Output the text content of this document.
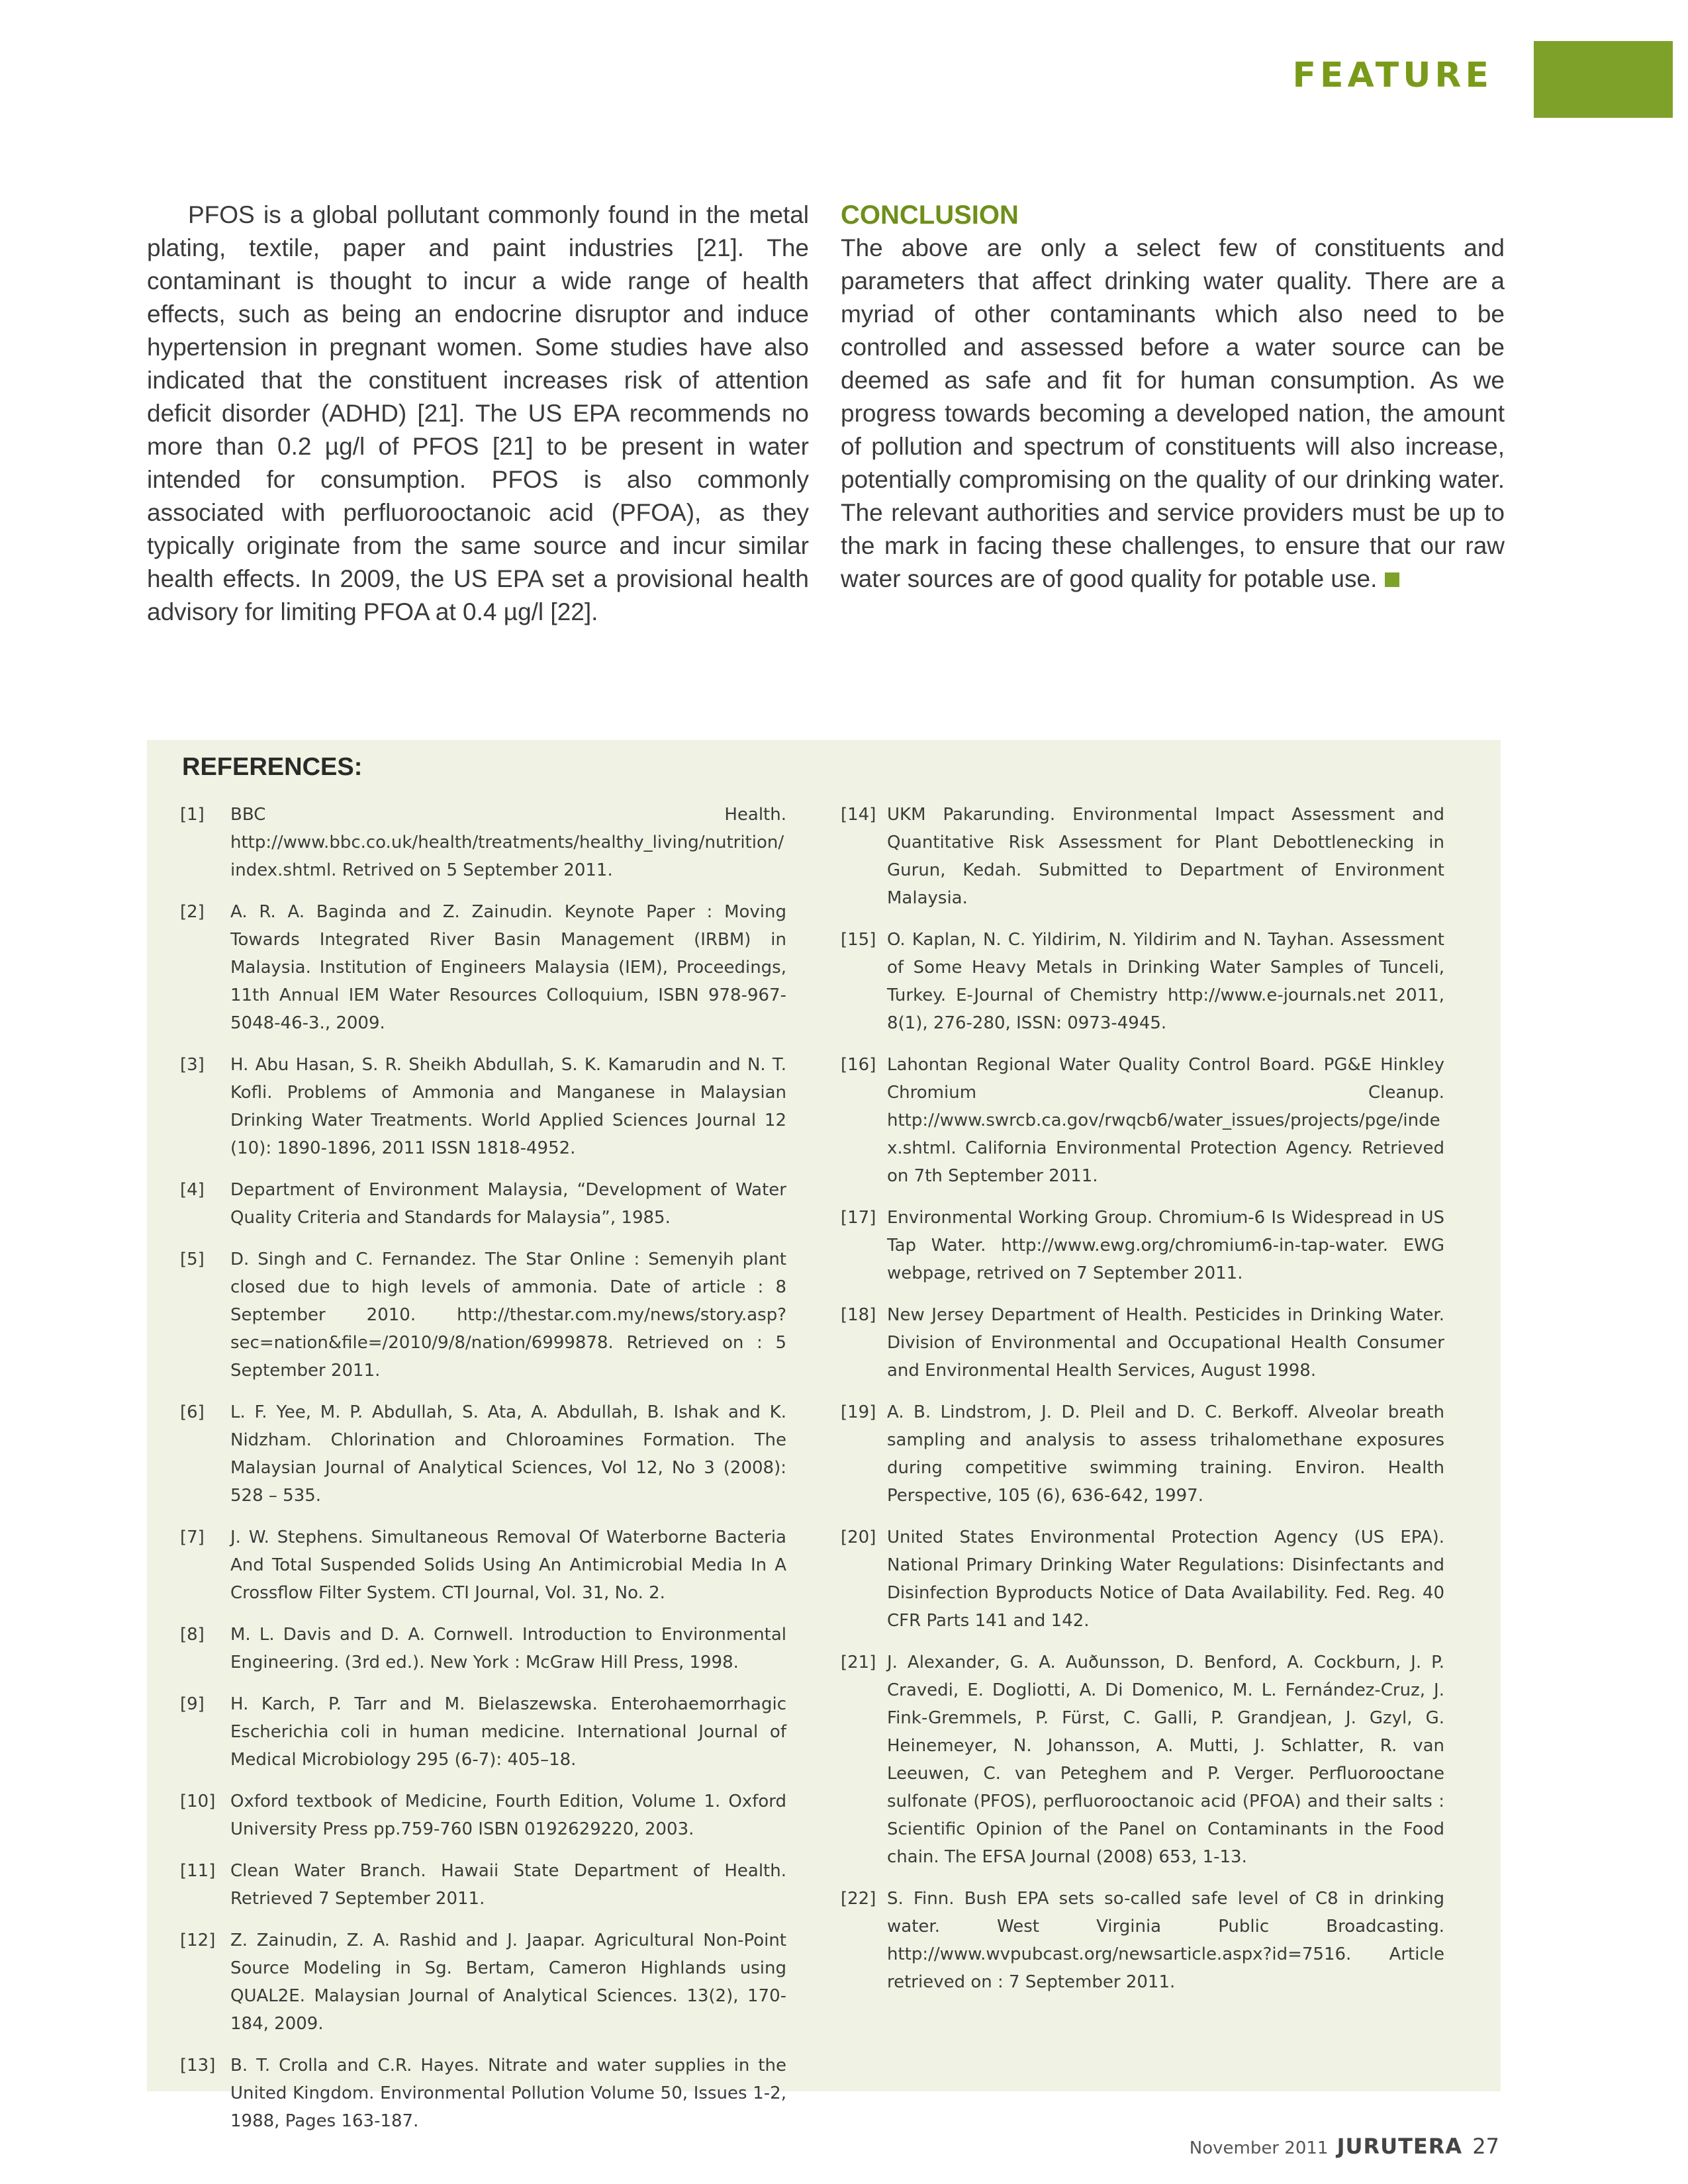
FEATURE

PFOS is a global pollutant commonly found in the metal plating, textile, paper and paint industries [21]. The contaminant is thought to incur a wide range of health effects, such as being an endocrine disruptor and induce hypertension in pregnant women. Some studies have also indicated that the constituent increases risk of attention deficit disorder (ADHD) [21]. The US EPA recommends no more than 0.2 µg/l of PFOS [21] to be present in water intended for consumption. PFOS is also commonly associated with perfluorooctanoic acid (PFOA), as they typically originate from the same source and incur similar health effects. In 2009, the US EPA set a provisional health advisory for limiting PFOA at 0.4 µg/l [22].

CONCLUSION

The above are only a select few of constituents and parameters that affect drinking water quality. There are a myriad of other contaminants which also need to be controlled and assessed before a water source can be deemed as safe and fit for human consumption. As we progress towards becoming a developed nation, the amount of pollution and spectrum of constituents will also increase, potentially compromising on the quality of our drinking water. The relevant authorities and service providers must be up to the mark in facing these challenges, to ensure that our raw water sources are of good quality for potable use.

REFERENCES:
[1] BBC Health. http://www.bbc.co.uk/health/treatments/healthy_living/nutrition/index.shtml. Retrived on 5 September 2011.
[2] A. R. A. Baginda and Z. Zainudin. Keynote Paper : Moving Towards Integrated River Basin Management (IRBM) in Malaysia. Institution of Engineers Malaysia (IEM), Proceedings, 11th Annual IEM Water Resources Colloquium, ISBN 978-967-5048-46-3., 2009.
[3] H. Abu Hasan, S. R. Sheikh Abdullah, S. K. Kamarudin and N. T. Kofli. Problems of Ammonia and Manganese in Malaysian Drinking Water Treatments. World Applied Sciences Journal 12 (10): 1890-1896, 2011 ISSN 1818-4952.
[4] Department of Environment Malaysia, “Development of Water Quality Criteria and Standards for Malaysia”, 1985.
[5] D. Singh and C. Fernandez. The Star Online : Semenyih plant closed due to high levels of ammonia. Date of article : 8 September 2010. http://thestar.com.my/news/story.asp?sec=nation&file=/2010/9/8/nation/6999878. Retrieved on : 5 September 2011.
[6] L. F. Yee, M. P. Abdullah, S. Ata, A. Abdullah, B. Ishak and K. Nidzham. Chlorination and Chloroamines Formation. The Malaysian Journal of Analytical Sciences, Vol 12, No 3 (2008): 528 – 535.
[7] J. W. Stephens. Simultaneous Removal Of Waterborne Bacteria And Total Suspended Solids Using An Antimicrobial Media In A Crossflow Filter System. CTI Journal, Vol. 31, No. 2.
[8] M. L. Davis and D. A. Cornwell. Introduction to Environmental Engineering. (3rd ed.). New York : McGraw Hill Press, 1998.
[9] H. Karch, P. Tarr and M. Bielaszewska. Enterohaemorrhagic Escherichia coli in human medicine. International Journal of Medical Microbiology 295 (6-7): 405–18.
[10] Oxford textbook of Medicine, Fourth Edition, Volume 1. Oxford University Press pp.759-760 ISBN 0192629220, 2003.
[11] Clean Water Branch. Hawaii State Department of Health. Retrieved 7 September 2011.
[12] Z. Zainudin, Z. A. Rashid and J. Jaapar. Agricultural Non-Point Source Modeling in Sg. Bertam, Cameron Highlands using QUAL2E. Malaysian Journal of Analytical Sciences. 13(2), 170-184, 2009.
[13] B. T. Crolla and C.R. Hayes. Nitrate and water supplies in the United Kingdom. Environmental Pollution Volume 50, Issues 1-2, 1988, Pages 163-187.
[14] UKM Pakarunding. Environmental Impact Assessment and Quantitative Risk Assessment for Plant Debottlenecking in Gurun, Kedah. Submitted to Department of Environment Malaysia.
[15] O. Kaplan, N. C. Yildirim, N. Yildirim and N. Tayhan. Assessment of Some Heavy Metals in Drinking Water Samples of Tunceli, Turkey. E-Journal of Chemistry http://www.e-journals.net 2011, 8(1), 276-280, ISSN: 0973-4945.
[16] Lahontan Regional Water Quality Control Board. PG&E Hinkley Chromium Cleanup. http://www.swrcb.ca.gov/rwqcb6/water_issues/projects/pge/index.shtml. California Environmental Protection Agency. Retrieved on 7th September 2011.
[17] Environmental Working Group. Chromium-6 Is Widespread in US Tap Water. http://www.ewg.org/chromium6-in-tap-water. EWG webpage, retrived on 7 September 2011.
[18] New Jersey Department of Health. Pesticides in Drinking Water. Division of Environmental and Occupational Health Consumer and Environmental Health Services, August 1998.
[19] A. B. Lindstrom, J. D. Pleil and D. C. Berkoff. Alveolar breath sampling and analysis to assess trihalomethane exposures during competitive swimming training. Environ. Health Perspective, 105 (6), 636-642, 1997.
[20] United States Environmental Protection Agency (US EPA). National Primary Drinking Water Regulations: Disinfectants and Disinfection Byproducts Notice of Data Availability. Fed. Reg. 40 CFR Parts 141 and 142.
[21] J. Alexander, G. A. Auðunsson, D. Benford, A. Cockburn, J. P. Cravedi, E. Dogliotti, A. Di Domenico, M. L. Fernández-Cruz, J. Fink-Gremmels, P. Fürst, C. Galli, P. Grandjean, J. Gzyl, G. Heinemeyer, N. Johansson, A. Mutti, J. Schlatter, R. van Leeuwen, C. van Peteghem and P. Verger. Perfluorooctane sulfonate (PFOS), perfluorooctanoic acid (PFOA) and their salts : Scientific Opinion of the Panel on Contaminants in the Food chain. The EFSA Journal (2008) 653, 1-13.
[22] S. Finn. Bush EPA sets so-called safe level of C8 in drinking water. West Virginia Public Broadcasting. http://www.wvpubcast.org/newsarticle.aspx?id=7516. Article retrieved on : 7 September 2011.
November 2011 JURUTERA 27
